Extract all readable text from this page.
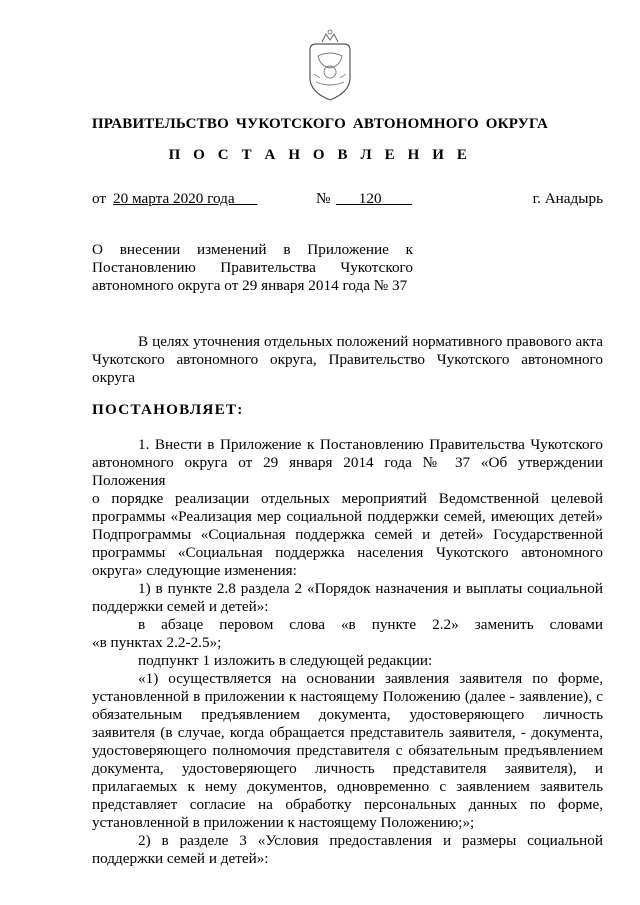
ПРАВИТЕЛЬСТВО ЧУКОТСКОГО АВТОНОМНОГО ОКРУГА
П О С Т А Н О В Л Е Н И Е
от 20 марта 2020 года	№	120	г. Анадырь
О внесении изменений в Приложение к
Постановлению Правительства Чукотского
автономного округа от 29 января 2014 года № 37
В целях уточнения отдельных положений нормативного правового акта
Чукотского автономного округа, Правительство Чукотского автономного
округа
ПОСТАНОВЛЯЕТ:
1. Внести в Приложение к Постановлению Правительства Чукотского
автономного округа от 29 января 2014 года № 37 «Об утверждении Положения
о порядке реализации отдельных мероприятий Ведомственной целевой
программы «Реализация мер социальной поддержки семей, имеющих детей»
Подпрограммы «Социальная поддержка семей и детей» Государственной
программы «Социальная поддержка населения Чукотского автономного
округа» следующие изменения:
1) в пункте 2.8 раздела 2 «Порядок назначения и выплаты социальной
поддержки семей и детей»:
в абзаце перовом слова «в пункте 2.2» заменить словами
«в пунктах 2.2-2.5»;
подпункт 1 изложить в следующей редакции:
«1) осуществляется на основании заявления заявителя по форме,
установленной в приложении к настоящему Положению (далее - заявление), с
обязательным предъявлением документа, удостоверяющего личность
заявителя (в случае, когда обращается представитель заявителя, - документа,
удостоверяющего полномочия представителя с обязательным предъявлением
документа, удостоверяющего личность представителя заявителя), и
прилагаемых к нему документов, одновременно с заявлением заявитель
представляет согласие на обработку персональных данных по форме,
установленной в приложении к настоящему Положению;»;
2) в разделе 3 «Условия предоставления и размеры социальной
поддержки семей и детей»:
